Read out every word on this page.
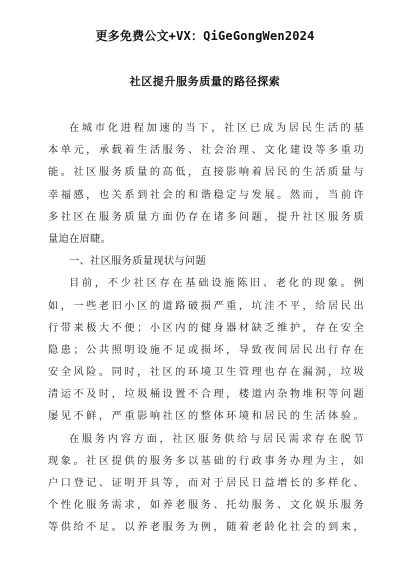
更多免费公文+VX：QiGeGongWen2024
社区提升服务质量的路径探索
在城市化进程加速的当下，社区已成为居民生活的基
本单元，承载着生活服务、社会治理、文化建设等多重功
能。社区服务质量的高低，直接影响着居民的生活质量与
幸福感，也关系到社会的和谐稳定与发展。然而，当前许
多社区在服务质量方面仍存在诸多问题，提升社区服务质
量迫在眉睫。
一、社区服务质量现状与问题
目前，不少社区存在基础设施陈旧、老化的现象。例
如，一些老旧小区的道路破损严重，坑洼不平，给居民出
行带来极大不便；小区内的健身器材缺乏维护，存在安全
隐患；公共照明设施不足或损坏，导致夜间居民出行存在
安全风险。同时，社区的环境卫生管理也存在漏洞，垃圾
清运不及时，垃圾桶设置不合理，楼道内杂物堆积等问题
屡见不鲜，严重影响社区的整体环境和居民的生活体验。
在服务内容方面，社区服务供给与居民需求存在脱节
现象。社区提供的服务多以基础的行政事务办理为主，如
户口登记、证明开具等，而对于居民日益增长的多样化、
个性化服务需求，如养老服务、托幼服务、文化娱乐服务
等供给不足。以养老服务为例，随着老龄化社会的到来，
